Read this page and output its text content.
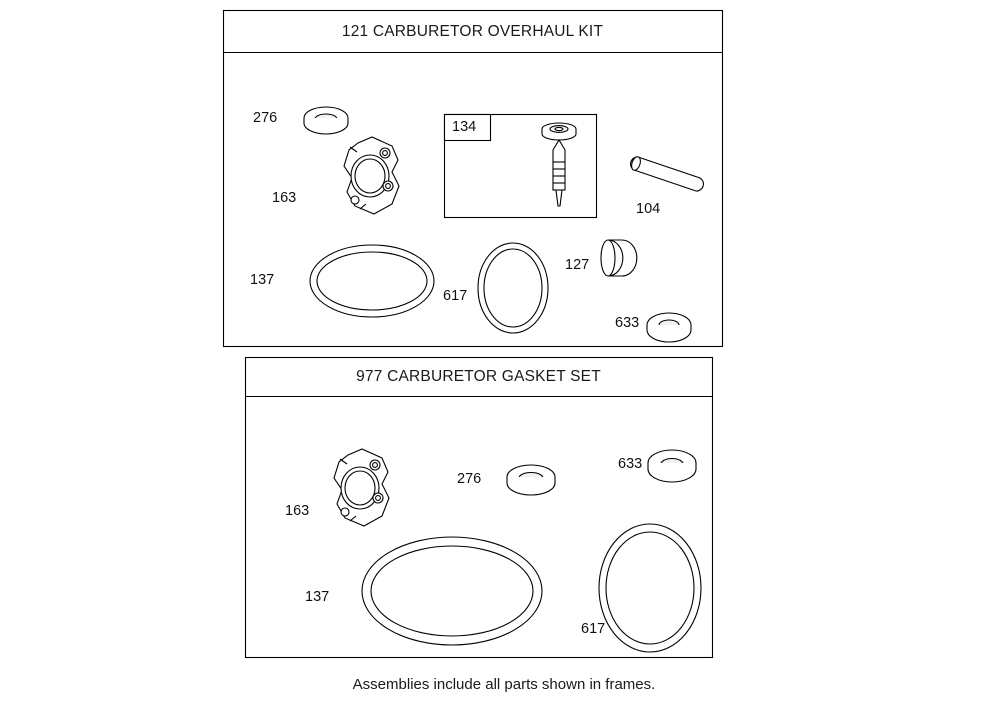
121 CARBURETOR OVERHAUL KIT
134
276
163
137
617
127
104
633
977 CARBURETOR GASKET SET
163
276
633
137
617
Assemblies include all parts shown in frames.
